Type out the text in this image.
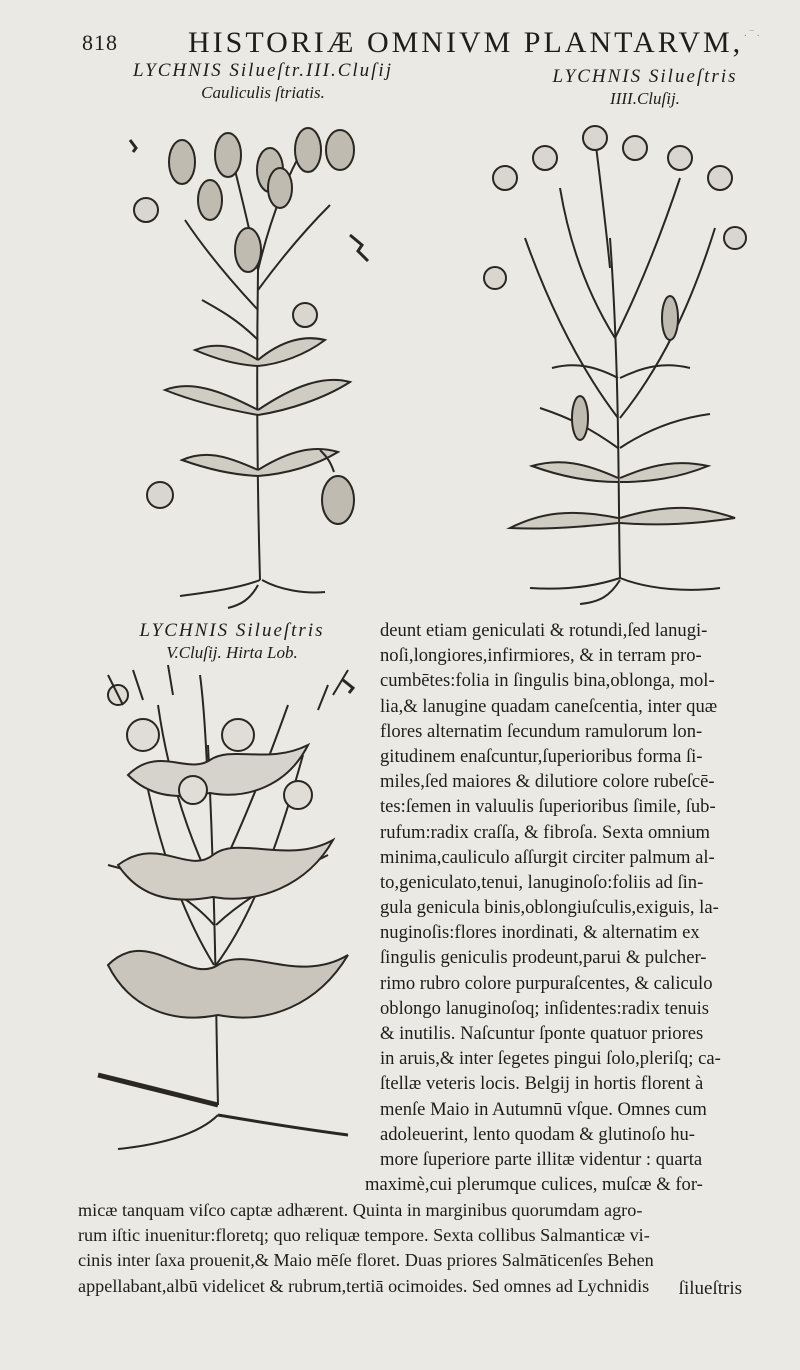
818 HISTORIÆ OMNIVM PLANTARVM, · ‾ ·
LYCHNIS Silueſtr.III.Cluſij
Cauliculis ſtriatis.
LYCHNIS Silueſtris
IIII.Cluſij.
LYCHNIS Silueſtris
V.Cluſij. Hirta Lob.
deunt etiam geniculati & rotundi,ſed lanugi-
noſi,longiores,infirmiores, & in terram pro-
cumbētes:folia in ſingulis bina,oblonga, mol-
lia,& lanugine quadam caneſcentia, inter quæ
flores alternatim ſecundum ramulorum lon-
gitudinem enaſcuntur,ſuperioribus forma ſi-
miles,ſed maiores & dilutiore colore rubeſcē-
tes:ſemen in valuulis ſuperioribus ſimile, ſub-
rufum:radix craſſa, & fibroſa. Sexta omnium
minima,cauliculo aſſurgit circiter palmum al-
to,geniculato,tenui, lanuginoſo:foliis ad ſin-
gula genicula binis,oblongiuſculis,exiguis, la-
nuginoſis:flores inordinati, & alternatim ex
ſingulis geniculis prodeunt,parui & pulcher-
rimo rubro colore purpuraſcentes, & caliculo
oblongo lanuginoſoq; inſidentes:radix tenuis
& inutilis. Naſcuntur ſponte quatuor priores
in aruis,& inter ſegetes pingui ſolo,pleriſq; ca-
ſtellæ veteris locis. Belgij in hortis florent à
menſe Maio in Autumnū vſque. Omnes cum
adoleuerint, lento quodam & glutinoſo hu-
more ſuperiore parte illitæ videntur : quarta
maximè,cui plerumque culices, muſcæ & for-
micæ tanquam viſco captæ adhærent. Quinta in marginibus quorumdam agro-
rum iſtic inuenitur:floretq; quo reliquæ tempore. Sexta collibus Salmanticæ vi-
cinis inter ſaxa prouenit,& Maio mēſe floret. Duas priores Salmāticenſes Behen
appellabant,albū videlicet & rubrum,tertiā ocimoides. Sed omnes ad Lychnidis ſilueſtris
